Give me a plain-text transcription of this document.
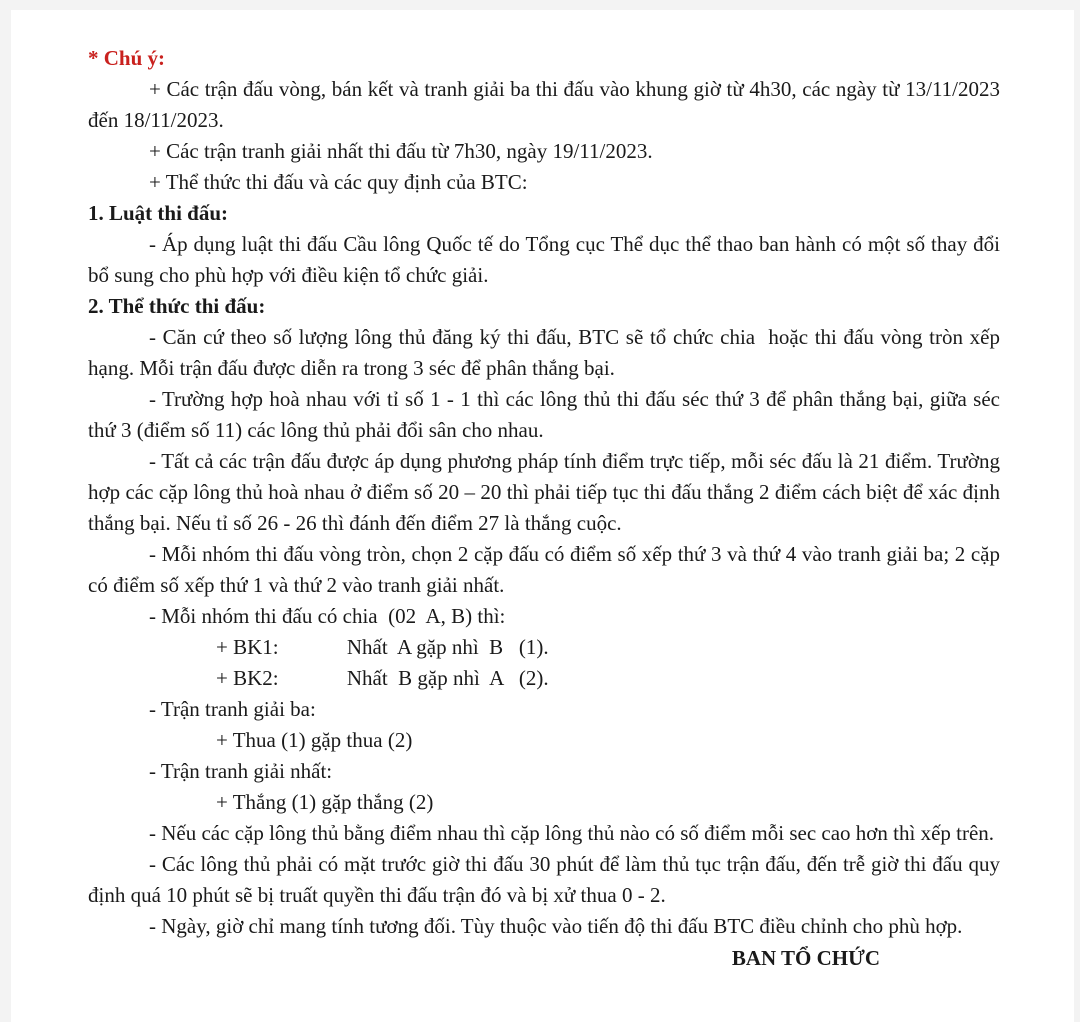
* Chú ý:
+ Các trận đấu vòng, bán kết và tranh giải ba thi đấu vào khung giờ từ 4h30, các ngày từ 13/11/2023 đến 18/11/2023.
+ Các trận tranh giải nhất thi đấu từ 7h30, ngày 19/11/2023.
+ Thể thức thi đấu và các quy định của BTC:
1. Luật thi đấu:
- Áp dụng luật thi đấu Cầu lông Quốc tế do Tổng cục Thể dục thể thao ban hành có một số thay đổi bổ sung cho phù hợp với điều kiện tổ chức giải.
2. Thể thức thi đấu:
- Căn cứ theo số lượng lông thủ đăng ký thi đấu, BTC sẽ tổ chức chia  hoặc thi đấu vòng tròn xếp hạng. Mỗi trận đấu được diễn ra trong 3 séc để phân thắng bại.
- Trường hợp hoà nhau với tỉ số 1 - 1 thì các lông thủ thi đấu séc thứ 3 để phân thắng bại, giữa séc thứ 3 (điểm số 11) các lông thủ phải đổi sân cho nhau.
- Tất cả các trận đấu được áp dụng phương pháp tính điểm trực tiếp, mỗi séc đấu là 21 điểm. Trường hợp các cặp lông thủ hoà nhau ở điểm số 20 – 20 thì phải tiếp tục thi đấu thắng 2 điểm cách biệt để xác định thắng bại. Nếu tỉ số 26 - 26 thì đánh đến điểm 27 là thắng cuộc.
- Mỗi nhóm thi đấu vòng tròn, chọn 2 cặp đấu có điểm số xếp thứ 3 và thứ 4 vào tranh giải ba; 2 cặp có điểm số xếp thứ 1 và thứ 2 vào tranh giải nhất.
- Mỗi nhóm thi đấu có chia  (02  A, B) thì:
+ BK1:             Nhất  A gặp nhì  B   (1).
+ BK2:             Nhất  B gặp nhì  A   (2).
- Trận tranh giải ba:
+ Thua (1) gặp thua (2)
- Trận tranh giải nhất:
+ Thắng (1) gặp thắng (2)
- Nếu các cặp lông thủ bằng điểm nhau thì cặp lông thủ nào có số điểm mỗi sec cao hơn thì xếp trên.
- Các lông thủ phải có mặt trước giờ thi đấu 30 phút để làm thủ tục trận đấu, đến trễ giờ thi đấu quy định quá 10 phút sẽ bị truất quyền thi đấu trận đó và bị xử thua 0 - 2.
- Ngày, giờ chỉ mang tính tương đối. Tùy thuộc vào tiến độ thi đấu BTC điều chỉnh cho phù hợp.
BAN TỔ CHỨC
